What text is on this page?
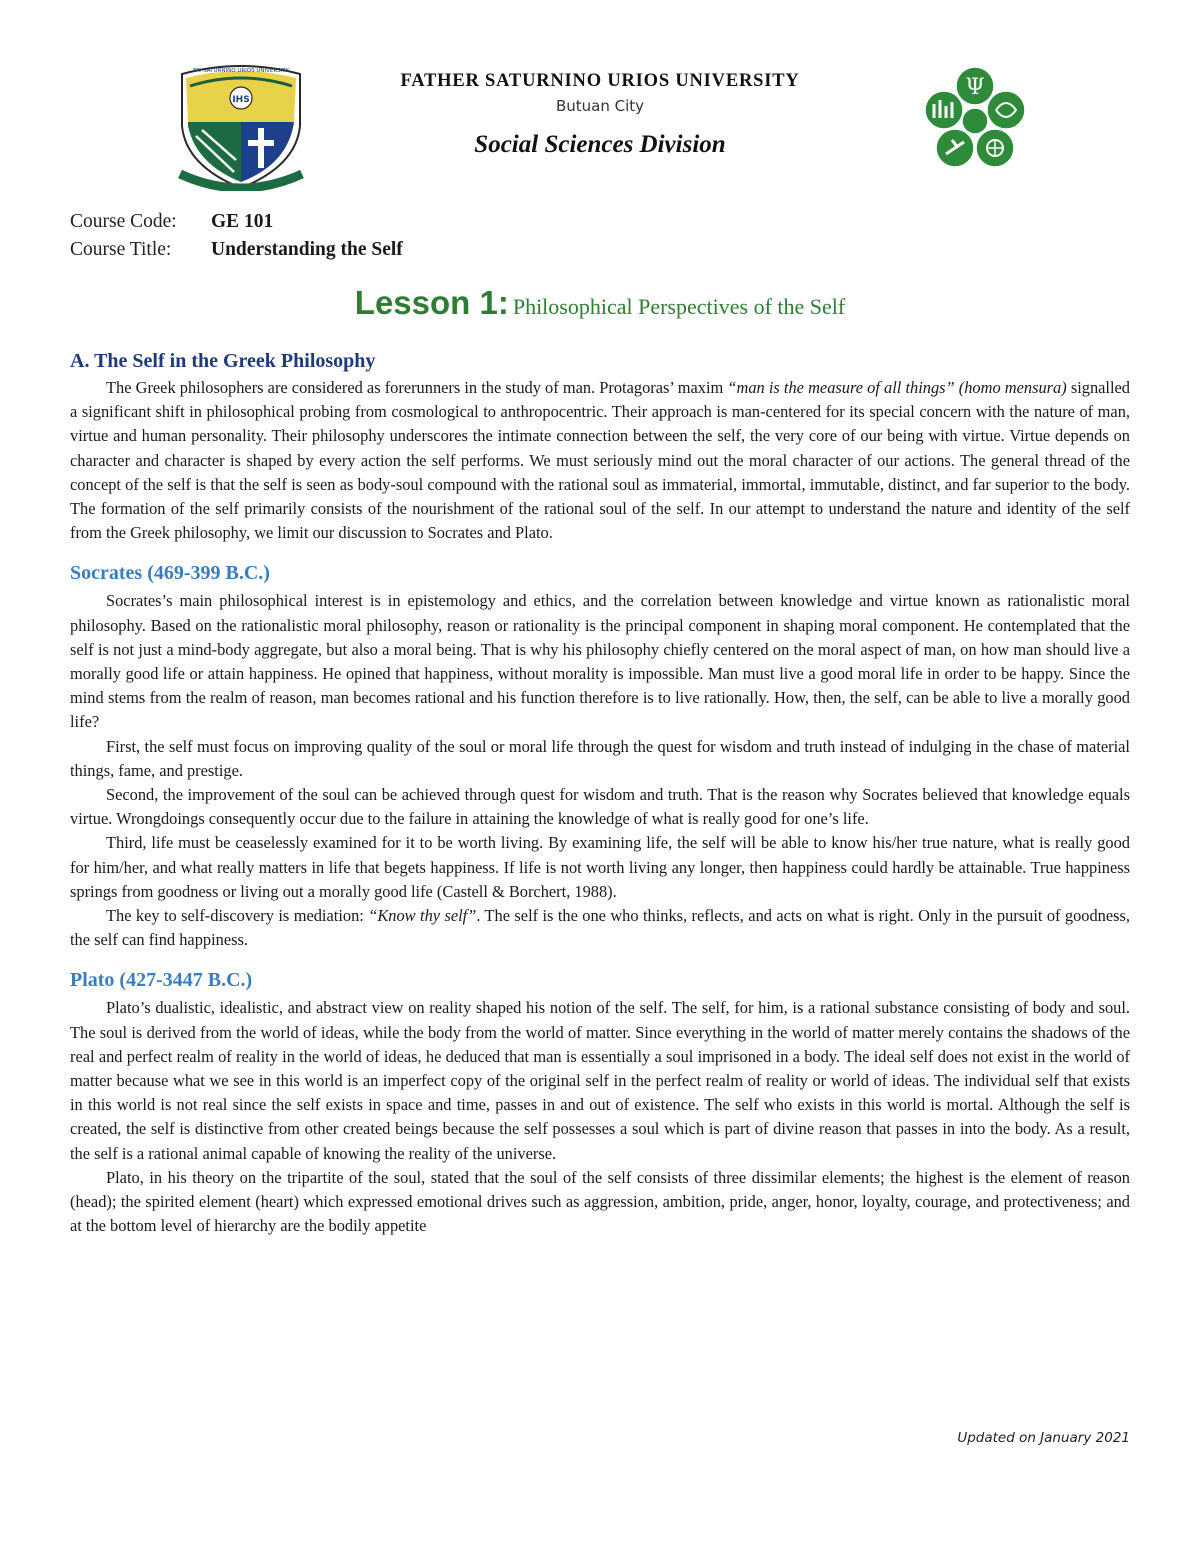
IHS
FR. SATURNINO URIOS UNIVERSITY	FATHER SATURNINO URIOS UNIVERSITY
Butuan City
Social Sciences Division
Ψ
Course Code:	GE 101
Course Title:	Understanding the Self
Lesson 1: Philosophical Perspectives of the Self
A. The Self in the Greek Philosophy

The Greek philosophers are considered as forerunners in the study of man. Protagoras’ maxim “man is the measure of all things” (homo mensura) signalled a significant shift in philosophical probing from cosmological to anthropocentric. Their approach is man-centered for its special concern with the nature of man, virtue and human personality. Their philosophy underscores the intimate connection between the self, the very core of our being with virtue. Virtue depends on character and character is shaped by every action the self performs. We must seriously mind out the moral character of our actions. The general thread of the concept of the self is that the self is seen as body-soul compound with the rational soul as immaterial, immortal, immutable, distinct, and far superior to the body. The formation of the self primarily consists of the nourishment of the rational soul of the self. In our attempt to understand the nature and identity of the self from the Greek philosophy, we limit our discussion to Socrates and Plato.

Socrates (469-399 B.C.)

Socrates’s main philosophical interest is in epistemology and ethics, and the correlation between knowledge and virtue known as rationalistic moral philosophy. Based on the rationalistic moral philosophy, reason or rationality is the principal component in shaping moral component. He contemplated that the self is not just a mind-body aggregate, but also a moral being. That is why his philosophy chiefly centered on the moral aspect of man, on how man should live a morally good life or attain happiness. He opined that happiness, without morality is impossible. Man must live a good moral life in order to be happy. Since the mind stems from the realm of reason, man becomes rational and his function therefore is to live rationally. How, then, the self, can be able to live a morally good life?

First, the self must focus on improving quality of the soul or moral life through the quest for wisdom and truth instead of indulging in the chase of material things, fame, and prestige.

Second, the improvement of the soul can be achieved through quest for wisdom and truth. That is the reason why Socrates believed that knowledge equals virtue. Wrongdoings consequently occur due to the failure in attaining the knowledge of what is really good for one’s life.

Third, life must be ceaselessly examined for it to be worth living. By examining life, the self will be able to know his/her true nature, what is really good for him/her, and what really matters in life that begets happiness. If life is not worth living any longer, then happiness could hardly be attainable. True happiness springs from goodness or living out a morally good life (Castell & Borchert, 1988).

The key to self-discovery is mediation: “Know thy self”. The self is the one who thinks, reflects, and acts on what is right. Only in the pursuit of goodness, the self can find happiness.

Plato (427-3447 B.C.)

Plato’s dualistic, idealistic, and abstract view on reality shaped his notion of the self. The self, for him, is a rational substance consisting of body and soul. The soul is derived from the world of ideas, while the body from the world of matter. Since everything in the world of matter merely contains the shadows of the real and perfect realm of reality in the world of ideas, he deduced that man is essentially a soul imprisoned in a body. The ideal self does not exist in the world of matter because what we see in this world is an imperfect copy of the original self in the perfect realm of reality or world of ideas. The individual self that exists in this world is not real since the self exists in space and time, passes in and out of existence. The self who exists in this world is mortal. Although the self is created, the self is distinctive from other created beings because the self possesses a soul which is part of divine reason that passes in into the body. As a result, the self is a rational animal capable of knowing the reality of the universe.

Plato, in his theory on the tripartite of the soul, stated that the soul of the self consists of three dissimilar elements; the highest is the element of reason (head); the spirited element (heart) which expressed emotional drives such as aggression, ambition, pride, anger, honor, loyalty, courage, and protectiveness; and at the bottom level of hierarchy are the bodily appetite

Updated on January 2021
